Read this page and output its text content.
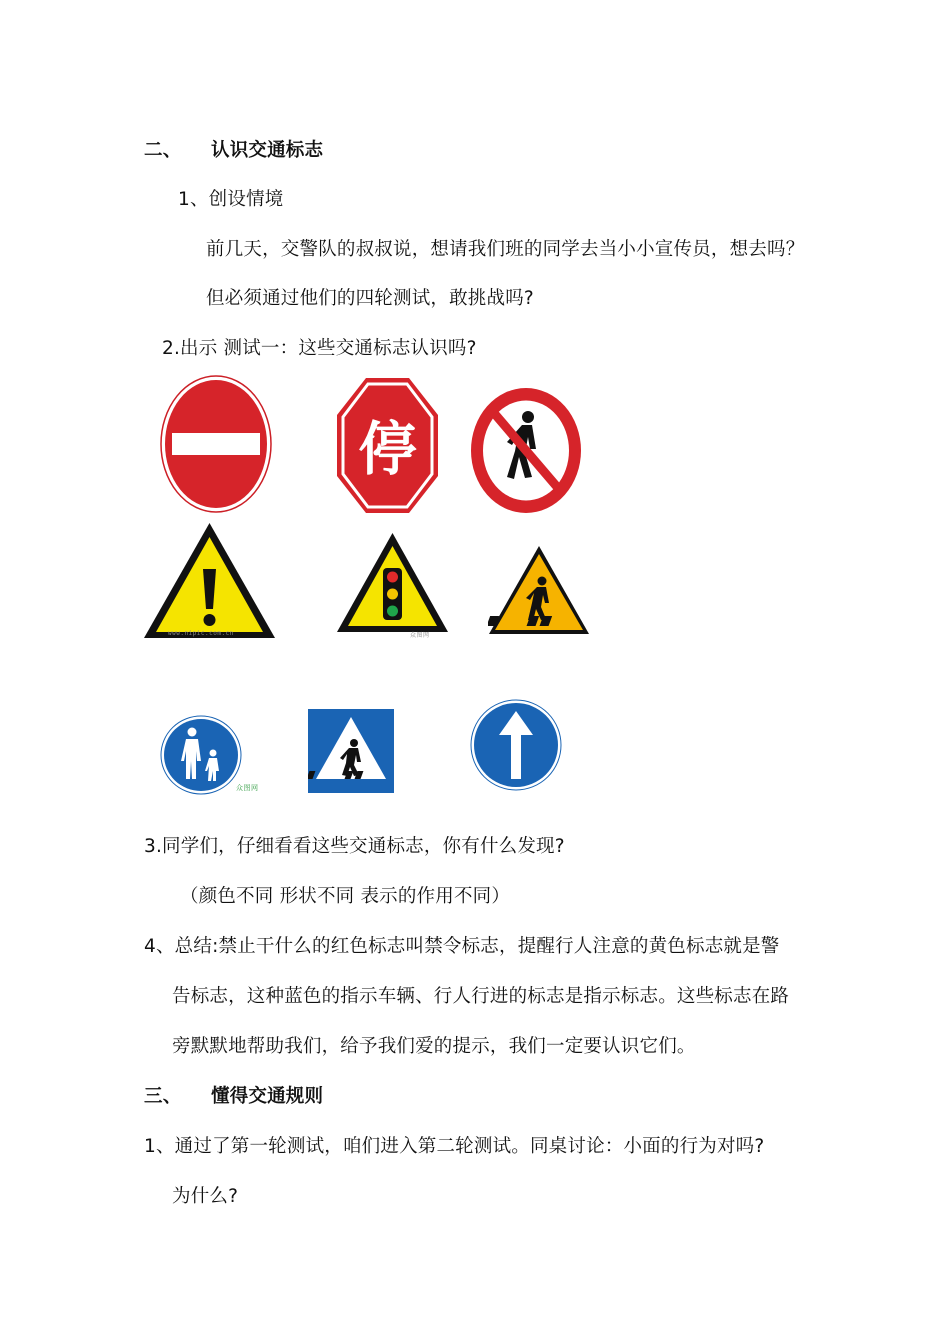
二、 认识交通标志
1、创设情境
前几天，交警队的叔叔说，想请我们班的同学去当小小宣传员，想去吗？
但必须通过他们的四轮测试，敢挑战吗?
2.出示 测试一：这些交通标志认识吗?
停
www.nipic.com.cn	众图网
众图网
3.同学们，仔细看看这些交通标志，你有什么发现?
（颜色不同 形状不同 表示的作用不同）
4、总结:禁止干什么的红色标志叫禁令标志，提醒行人注意的黄色标志就是警
告标志，这种蓝色的指示车辆、行人行进的标志是指示标志。这些标志在路
旁默默地帮助我们，给予我们爱的提示，我们一定要认识它们。
三、 懂得交通规则
1、通过了第一轮测试，咱们进入第二轮测试。同桌讨论：小面的行为对吗?
为什么?
